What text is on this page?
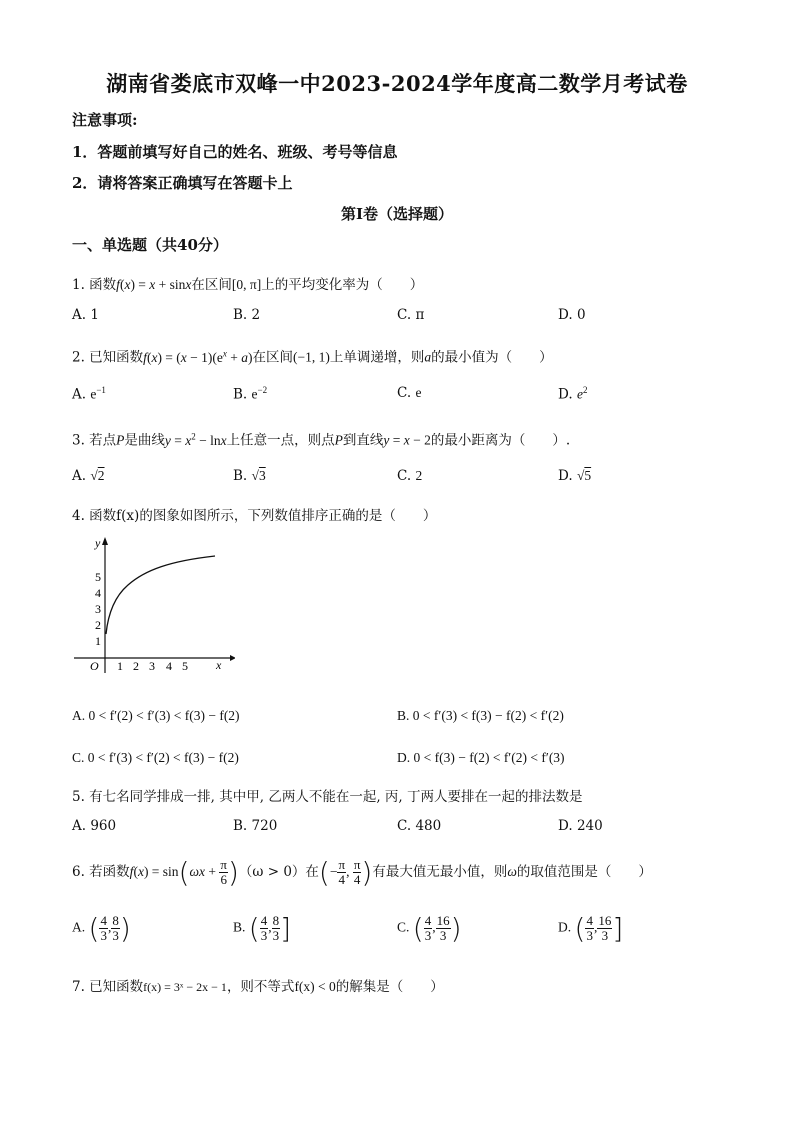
湖南省娄底市双峰一中2023-2024学年度高二数学月考试卷
注意事项:
1．答题前填写好自己的姓名、班级、考号等信息
2．请将答案正确填写在答题卡上
第I卷（选择题）
一、单选题（共40分）
1. 函数f(x) = x + sinx在区间[0, π]上的平均变化率为（　　）
A. 1	B. 2	C. π	D. 0
2. 已知函数$f(x) = (x - 1)(e^x + a)$在区间(−1, 1)上单调递增，则a的最小值为（　　）
A. $e^{-1}$	B. $e^{-2}$	C. e	D. $e^2$
3. 若点P是曲线$y = x^2 - \ln x$上任意一点，则点P到直线y = x − 2的最小距离为（　　）.
A. √2	B. √3	C. 2	D. √5
4. 函数f(x)的图象如图所示，下列数值排序正确的是（　　）
y
x
O 1 2 3 4 5
1
2
3
4
5
A. 0 < f′(2) < f′(3) < f(3) − f(2)	B. 0 < f′(3) < f(3) − f(2) < f′(2)
C. 0 < f′(3) < f′(2) < f(3) − f(2)	D. 0 < f(3) − f(2) < f′(2) < f′(3)
5. 有七名同学排成一排, 其中甲, 乙两人不能在一起, 丙, 丁两人要排在一起的排法数是
A. 960	B. 720	C. 480	D. 240
6. 若函数$f(x) = \sin(\omega x + \frac{\pi}{6} )(\omega > 0)$在(− $\frac{\pi}{4}$ , $\frac{\pi}{4}$ )有最大值无最小值，则ω的取值范围是（　　）
A. ( $\frac{4}{3}$ , $\frac{8}{3}$ )	B. ( $\frac{4}{3}$ , $\frac{8}{3}$ ]	C. ( $\frac{4}{3}$ , $\frac{16}{3}$ )	D. ( $\frac{4}{3}$ , $\frac{16}{3}$ ]
7. 已知函数f(x) = 3ˣ − 2x − 1，则不等式f(x) < 0的解集是（　　）
